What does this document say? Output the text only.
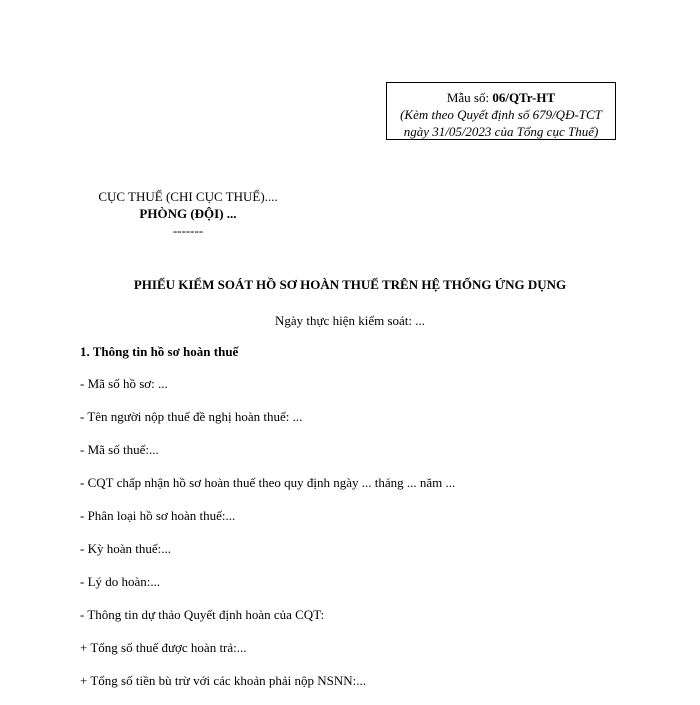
Mẫu số: 06/QTr-HT
(Kèm theo Quyết định số 679/QĐ-TCT
ngày 31/05/2023 của Tổng cục Thuế)
CỤC THUẾ (CHI CỤC THUẾ)....
PHÒNG (ĐỘI) ...
-------
PHIẾU KIỂM SOÁT HỒ SƠ HOÀN THUẾ TRÊN HỆ THỐNG ỨNG DỤNG
Ngày thực hiện kiểm soát: ...
1. Thông tin hồ sơ hoàn thuế
- Mã số hồ sơ: ...
- Tên người nộp thuế đề nghị hoàn thuế: ...
- Mã số thuế:...
- CQT chấp nhận hồ sơ hoàn thuế theo quy định ngày ... tháng ... năm ...
- Phân loại hồ sơ hoàn thuế:...
- Kỳ hoàn thuế:...
- Lý do hoàn:...
- Thông tin dự thảo Quyết định hoàn của CQT:
+ Tổng số thuế được hoàn trả:...
+ Tổng số tiền bù trừ với các khoản phải nộp NSNN:...
